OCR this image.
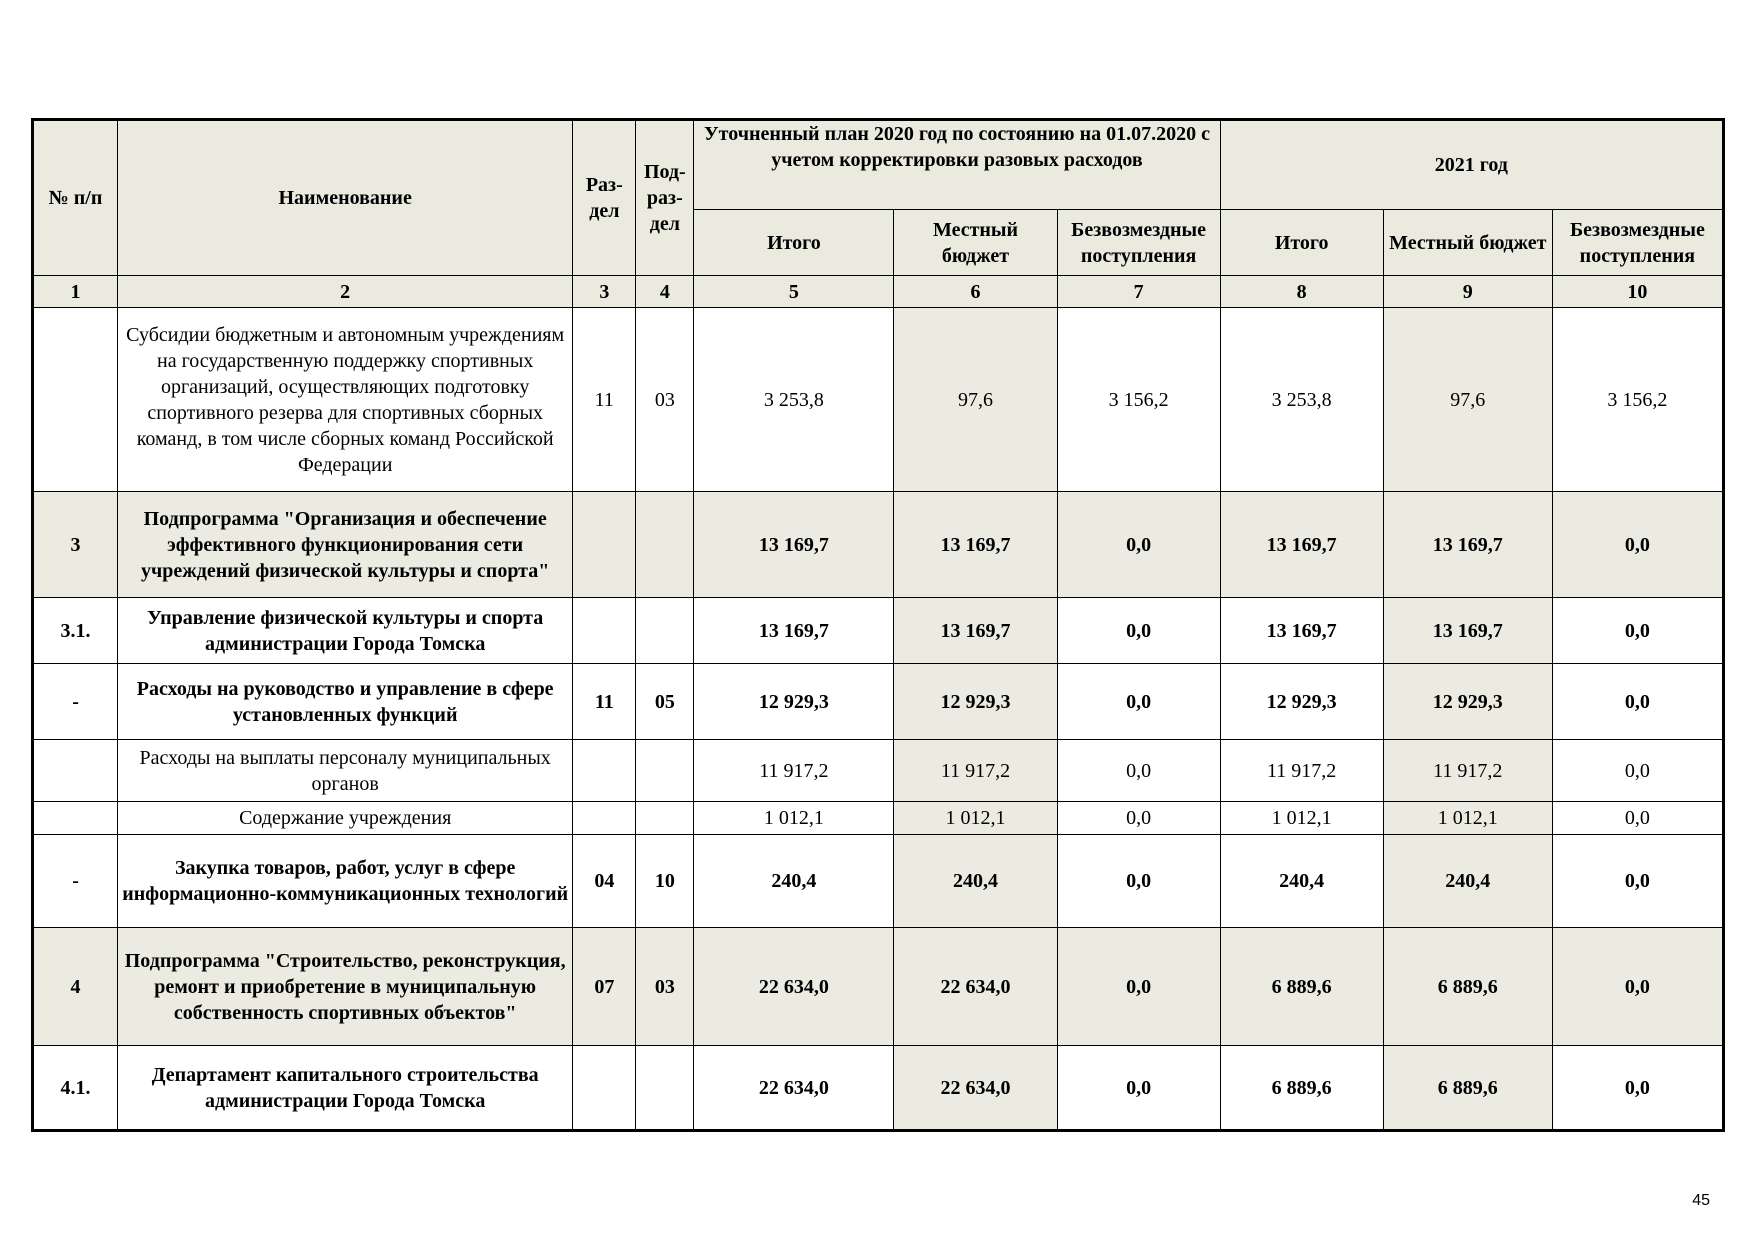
№ п/п	Наименование	Раз-дел	Под-раз-дел	Уточненный план 2020 год по состоянию на 01.07.2020 с учетом корректировки разовых расходов			2021 год		
				Итого	Местный бюджет	Безвозмездные поступления	Итого	Местный бюджет	Безвозмездные поступления
1	2	3	4	5	6	7	8	9	10
	Субсидии бюджетным и автономным учреждениям на государственную поддержку спортивных организаций, осуществляющих подготовку спортивного резерва для спортивных сборных команд, в том числе сборных команд Российской Федерации	11	03	3 253,8	97,6	3 156,2	3 253,8	97,6	3 156,2
3	Подпрограмма "Организация и обеспечение эффективного функционирования сети учреждений физической культуры и спорта"			13 169,7	13 169,7	0,0	13 169,7	13 169,7	0,0
3.1.	Управление физической культуры и спорта администрации Города Томска			13 169,7	13 169,7	0,0	13 169,7	13 169,7	0,0
-	Расходы на руководство и управление в сфере установленных функций	11	05	12 929,3	12 929,3	0,0	12 929,3	12 929,3	0,0
	Расходы на выплаты персоналу муниципальных органов			11 917,2	11 917,2	0,0	11 917,2	11 917,2	0,0
	Содержание учреждения			1 012,1	1 012,1	0,0	1 012,1	1 012,1	0,0
-	Закупка товаров, работ, услуг в сфере информационно-коммуникационных технологий	04	10	240,4	240,4	0,0	240,4	240,4	0,0
4	Подпрограмма "Строительство, реконструкция, ремонт и приобретение в муниципальную собственность спортивных объектов"	07	03	22 634,0	22 634,0	0,0	6 889,6	6 889,6	0,0
4.1.	Департамент капитального строительства администрации Города Томска			22 634,0	22 634,0	0,0	6 889,6	6 889,6	0,0
45
